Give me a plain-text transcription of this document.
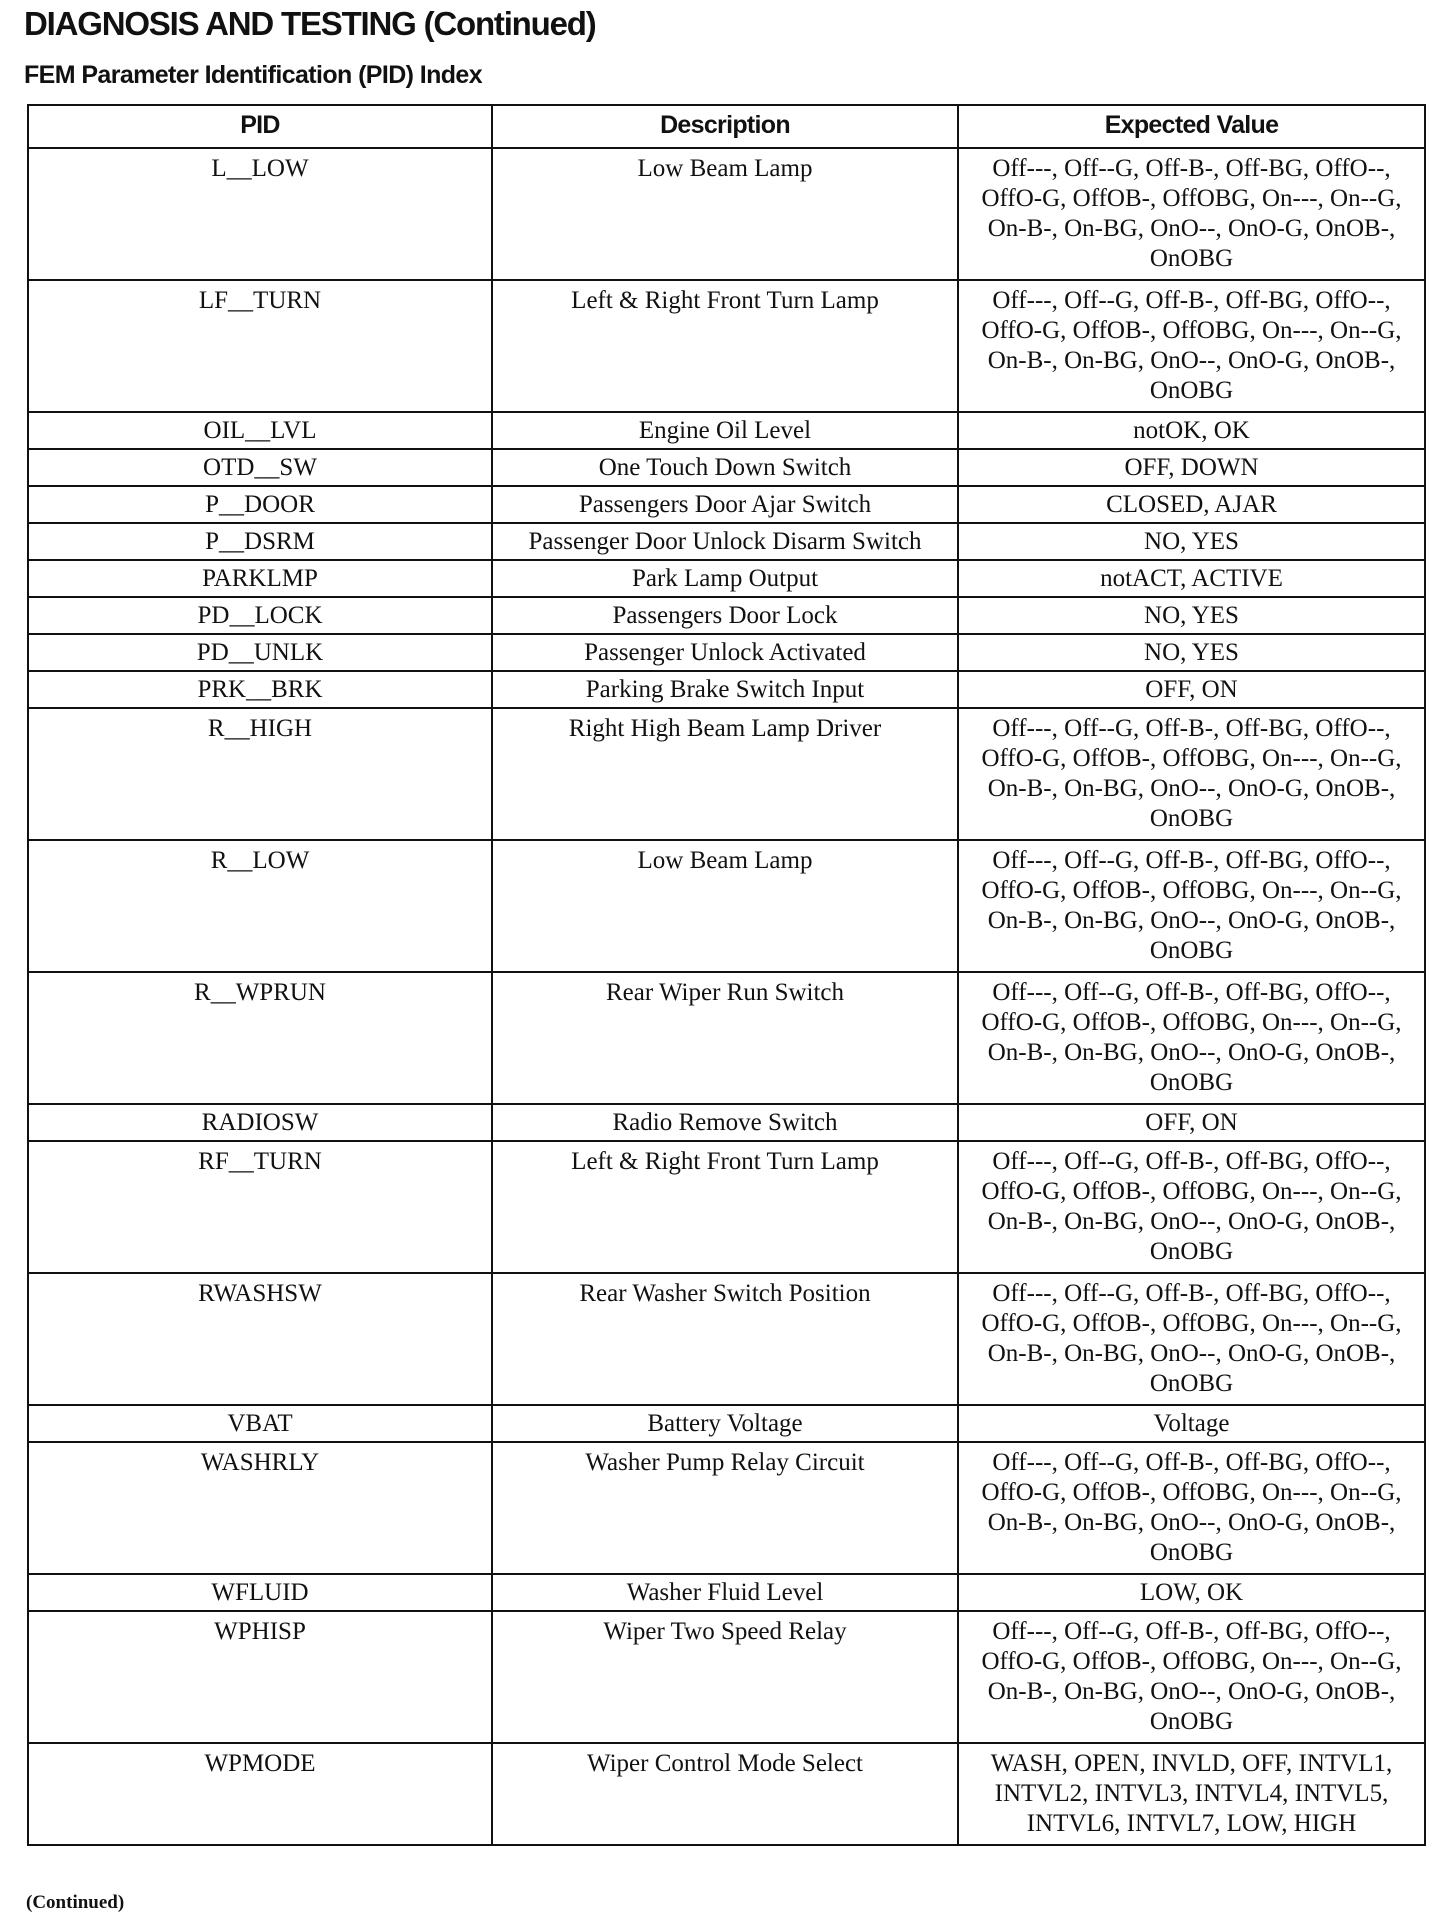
DIAGNOSIS AND TESTING (Continued)
FEM Parameter Identification (PID) Index
PID	Description	Expected Value
L__LOW	Low Beam Lamp	Off---, Off--G, Off-B-, Off-BG, OffO--, OffO-G, OffOB-, OffOBG, On---, On--G, On-B-, On-BG, OnO--, OnO-G, OnOB-, OnOBG
LF__TURN	Left & Right Front Turn Lamp	Off---, Off--G, Off-B-, Off-BG, OffO--, OffO-G, OffOB-, OffOBG, On---, On--G, On-B-, On-BG, OnO--, OnO-G, OnOB-, OnOBG
OIL__LVL	Engine Oil Level	notOK, OK
OTD__SW	One Touch Down Switch	OFF, DOWN
P__DOOR	Passengers Door Ajar Switch	CLOSED, AJAR
P__DSRM	Passenger Door Unlock Disarm Switch	NO, YES
PARKLMP	Park Lamp Output	notACT, ACTIVE
PD__LOCK	Passengers Door Lock	NO, YES
PD__UNLK	Passenger Unlock Activated	NO, YES
PRK__BRK	Parking Brake Switch Input	OFF, ON
R__HIGH	Right High Beam Lamp Driver	Off---, Off--G, Off-B-, Off-BG, OffO--, OffO-G, OffOB-, OffOBG, On---, On--G, On-B-, On-BG, OnO--, OnO-G, OnOB-, OnOBG
R__LOW	Low Beam Lamp	Off---, Off--G, Off-B-, Off-BG, OffO--, OffO-G, OffOB-, OffOBG, On---, On--G, On-B-, On-BG, OnO--, OnO-G, OnOB-, OnOBG
R__WPRUN	Rear Wiper Run Switch	Off---, Off--G, Off-B-, Off-BG, OffO--, OffO-G, OffOB-, OffOBG, On---, On--G, On-B-, On-BG, OnO--, OnO-G, OnOB-, OnOBG
RADIOSW	Radio Remove Switch	OFF, ON
RF__TURN	Left & Right Front Turn Lamp	Off---, Off--G, Off-B-, Off-BG, OffO--, OffO-G, OffOB-, OffOBG, On---, On--G, On-B-, On-BG, OnO--, OnO-G, OnOB-, OnOBG
RWASHSW	Rear Washer Switch Position	Off---, Off--G, Off-B-, Off-BG, OffO--, OffO-G, OffOB-, OffOBG, On---, On--G, On-B-, On-BG, OnO--, OnO-G, OnOB-, OnOBG
VBAT	Battery Voltage	Voltage
WASHRLY	Washer Pump Relay Circuit	Off---, Off--G, Off-B-, Off-BG, OffO--, OffO-G, OffOB-, OffOBG, On---, On--G, On-B-, On-BG, OnO--, OnO-G, OnOB-, OnOBG
WFLUID	Washer Fluid Level	LOW, OK
WPHISP	Wiper Two Speed Relay	Off---, Off--G, Off-B-, Off-BG, OffO--, OffO-G, OffOB-, OffOBG, On---, On--G, On-B-, On-BG, OnO--, OnO-G, OnOB-, OnOBG
WPMODE	Wiper Control Mode Select	WASH, OPEN, INVLD, OFF, INTVL1, INTVL2, INTVL3, INTVL4, INTVL5, INTVL6, INTVL7, LOW, HIGH

(Continued)
